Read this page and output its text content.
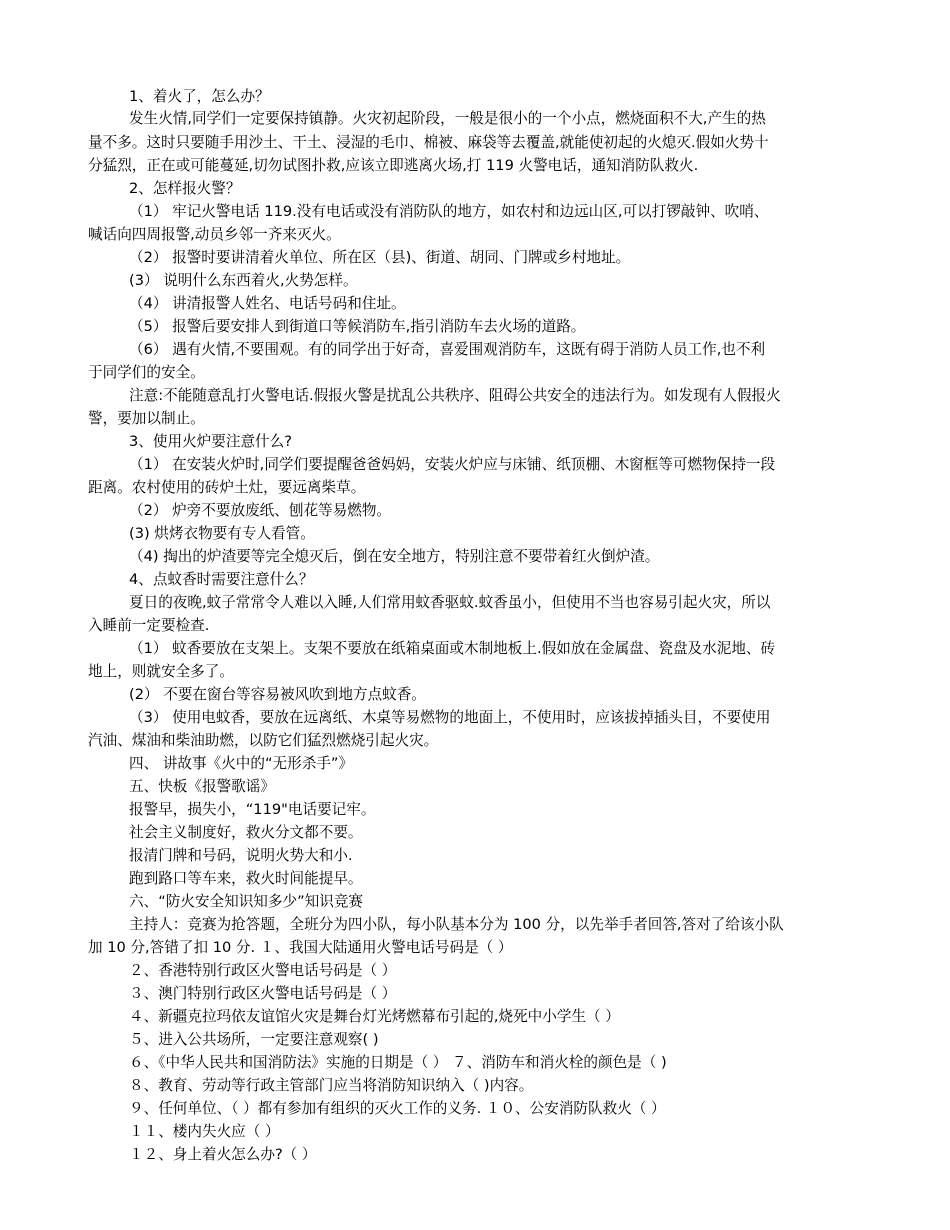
1、着火了，怎么办？
发生火情,同学们一定要保持镇静。火灾初起阶段，一般是很小的一个小点，燃烧面积不大,产生的热
量不多。这时只要随手用沙土、干土、浸湿的毛巾、棉被、麻袋等去覆盖,就能使初起的火熄灭.假如火势十
分猛烈，正在或可能蔓延,切勿试图扑救,应该立即逃离火场,打 119 火警电话，通知消防队救火.
2、怎样报火警？
（1） 牢记火警电话 119.没有电话或没有消防队的地方，如农村和边远山区,可以打锣敲钟、吹哨、
喊话向四周报警,动员乡邻一齐来灭火。
（2） 报警时要讲清着火单位、所在区（县)、街道、胡同、门牌或乡村地址。
(3） 说明什么东西着火,火势怎样。
（4） 讲清报警人姓名、电话号码和住址。
（5） 报警后要安排人到街道口等候消防车,指引消防车去火场的道路。
（6） 遇有火情,不要围观。有的同学出于好奇，喜爱围观消防车，这既有碍于消防人员工作,也不利
于同学们的安全。
注意:不能随意乱打火警电话.假报火警是扰乱公共秩序、阻碍公共安全的违法行为。如发现有人假报火
警，要加以制止。
3、使用火炉要注意什么?
（1） 在安装火炉时,同学们要提醒爸爸妈妈，安装火炉应与床铺、纸顶棚、木窗框等可燃物保持一段
距离。农村使用的砖炉土灶，要远离柴草。
（2） 炉旁不要放废纸、刨花等易燃物。
(3) 烘烤衣物要有专人看管。
（4) 掏出的炉渣要等完全熄灭后，倒在安全地方，特别注意不要带着红火倒炉渣。
4、点蚊香时需要注意什么？
夏日的夜晚,蚊子常常令人难以入睡,人们常用蚊香驱蚊.蚊香虽小，但使用不当也容易引起火灾，所以
入睡前一定要检查.
（1） 蚊香要放在支架上。支架不要放在纸箱桌面或木制地板上.假如放在金属盘、瓷盘及水泥地、砖
地上，则就安全多了。
(2） 不要在窗台等容易被风吹到地方点蚊香。
（3） 使用电蚊香，要放在远离纸、木桌等易燃物的地面上，不使用时，应该拔掉插头目，不要使用
汽油、煤油和柴油助燃，以防它们猛烈燃烧引起火灾。
四、 讲故事《火中的“无形杀手”》
五、快板《报警歌谣》
报警早，损失小，“119"电话要记牢。
社会主义制度好，救火分文都不要。
报清门牌和号码，说明火势大和小.
跑到路口等车来，救火时间能提早。
六、“防火安全知识知多少”知识竞赛
主持人：竞赛为抢答题，全班分为四小队，每小队基本分为 100 分，以先举手者回答,答对了给该小队
加 10 分,答错了扣 10 分. １、我国大陆通用火警电话号码是（ ）
２、香港特别行政区火警电话号码是（ ）
３、澳门特别行政区火警电话号码是（ ）
４、新疆克拉玛依友谊馆火灾是舞台灯光烤燃幕布引起的,烧死中小学生（ ）
５、进入公共场所，一定要注意观察( )
６、《中华人民共和国消防法》实施的日期是（ ） ７、消防车和消火栓的颜色是（ )
８、教育、劳动等行政主管部门应当将消防知识纳入（ )内容。
９、任何单位、（ ）都有参加有组织的灭火工作的义务. １０、公安消防队救火（ ）
１１、楼内失火应（ ）
１２、身上着火怎么办?（ ）
